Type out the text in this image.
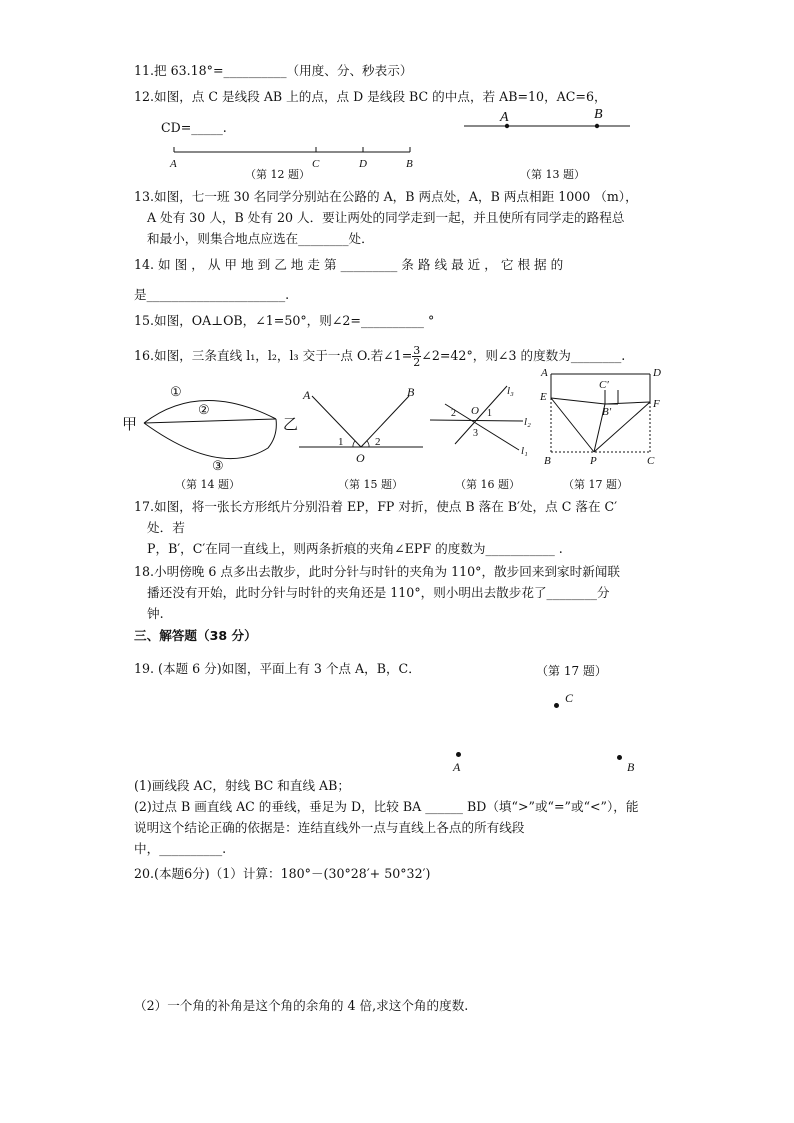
11.把 63.18°=__________（用度、分、秒表示）
12.如图，点 C 是线段 AB 上的点，点 D 是线段 BC 的中点，若 AB=10，AC=6，
CD=_____.
A	C	D	B
（第 12 题）
A	B
（第 13 题）
13.如图，七一班 30 名同学分别站在公路的 A，B 两点处，A，B 两点相距 1000 （m），
A 处有 30 人，B 处有 20 人．要让两处的同学走到一起，并且使所有同学走的路程总
和最小，则集合地点应选在________处．
14. 如 图 ， 从 甲 地 到 乙 地 走 第 _________ 条 路 线 最 近 ， 它 根 据 的
是______________________.
15.如图，OA⊥OB，∠1=50°，则∠2=__________ °
16.如图，三条直线 l₁，l₂，l₃ 交于一点 O.若∠1= $\frac{3}{2}$ ∠2=42°，则∠3 的度数为________.
甲	乙
①
②
③
（第 14 题）
A	B
O
1	2
（第 15 题）
l₃
l₂
l₁
O 1
2
3
（第 16 题）
A	D
E
F
C′
B′
B	P	C
（第 17 题）
17.如图，将一张长方形纸片分别沿着 EP，FP 对折，使点 B 落在 B′处，点 C 落在 C′
处．若
P，B′，C′在同一直线上，则两条折痕的夹角∠EPF 的度数为___________ .
18.小明傍晚 6 点多出去散步，此时分针与时针的夹角为 110°，散步回来到家时新闻联
播还没有开始，此时分针与时针的夹角还是 110°，则小明出去散步花了________分
钟.
三、解答题（38 分）
19. (本题 6 分)如图，平面上有 3 个点 A，B，C．	（第 17 题）
C
A	B
(1)画线段 AC，射线 BC 和直线 AB；
(2)过点 B 画直线 AC 的垂线，垂足为 D，比较 BA ______ BD（填“>”或“=”或“<”），能
说明这个结论正确的依据是：连结直线外一点与直线上各点的所有线段
中，__________.
20.(本题6分)（1）计算：180°－(30°28′+ 50°32′)
（2）一个角的补角是这个角的余角的 4 倍,求这个角的度数.
